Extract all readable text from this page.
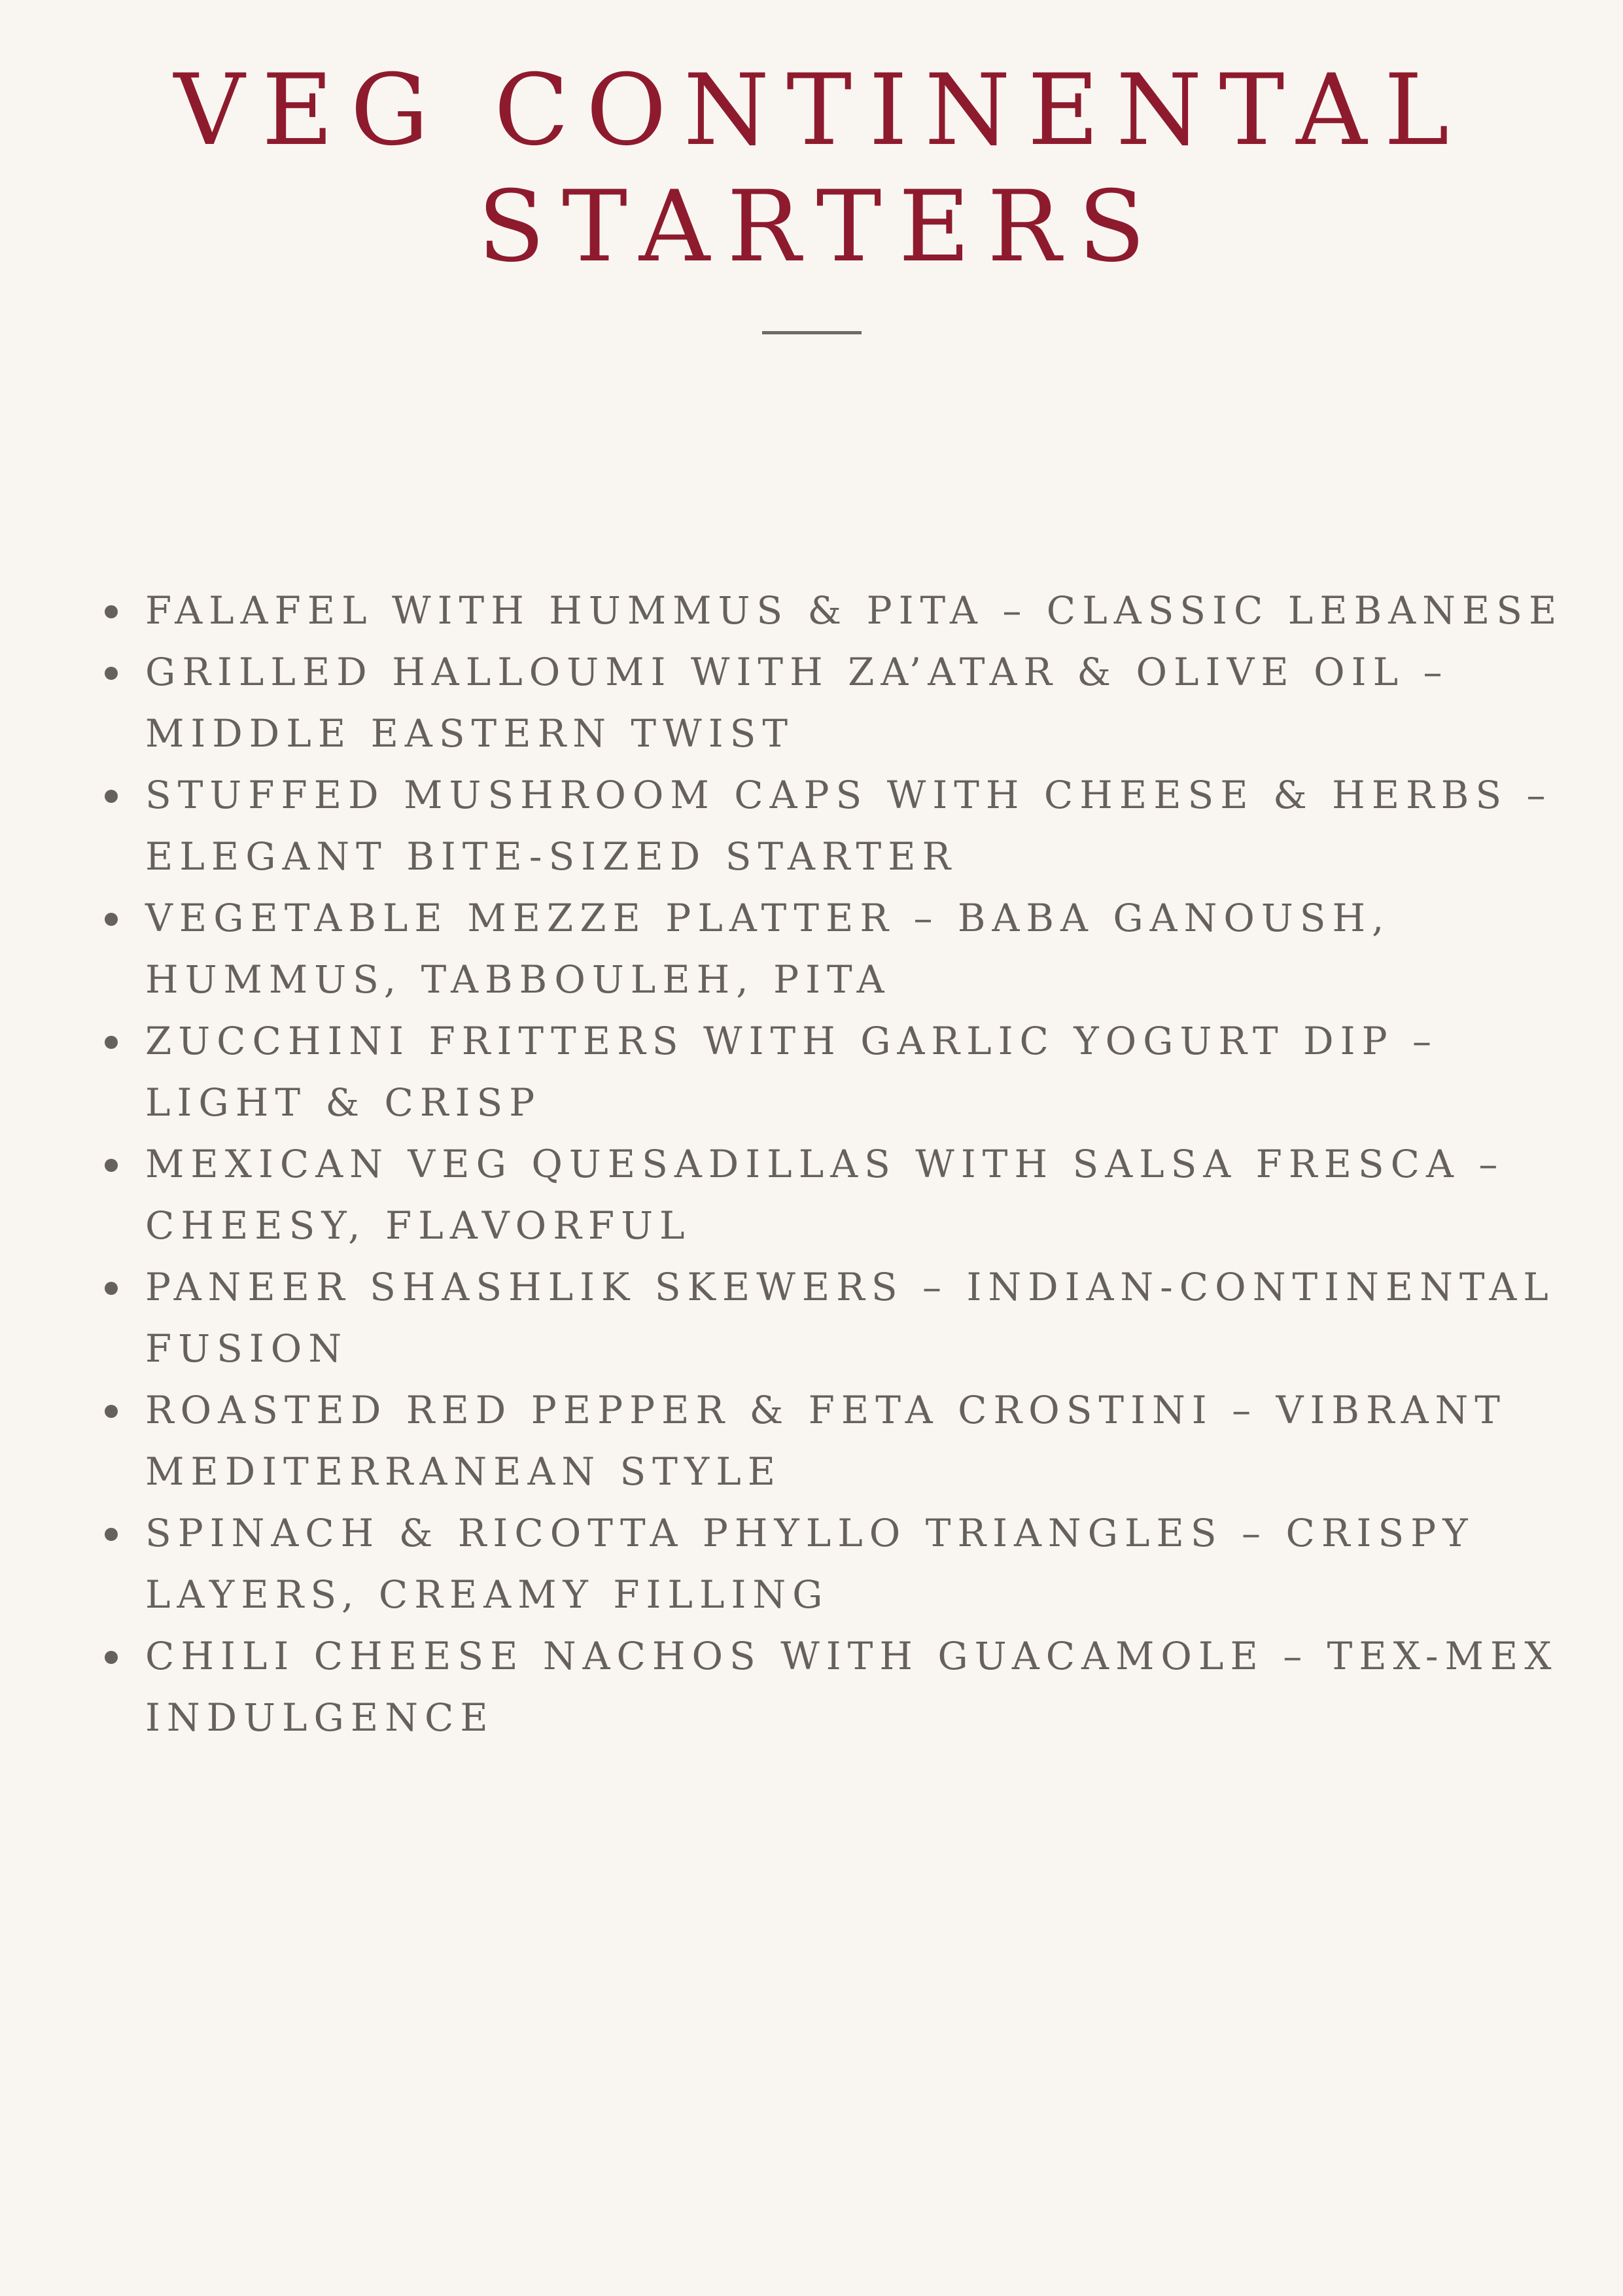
VEG CONTINENTAL
STARTERS
FALAFEL WITH HUMMUS & PITA – CLASSIC LEBANESE
GRILLED HALLOUMI WITH ZA’ATAR & OLIVE OIL –
MIDDLE EASTERN TWIST
STUFFED MUSHROOM CAPS WITH CHEESE & HERBS –
ELEGANT BITE-SIZED STARTER
VEGETABLE MEZZE PLATTER – BABA GANOUSH,
HUMMUS, TABBOULEH, PITA
ZUCCHINI FRITTERS WITH GARLIC YOGURT DIP –
LIGHT & CRISP
MEXICAN VEG QUESADILLAS WITH SALSA FRESCA –
CHEESY, FLAVORFUL
PANEER SHASHLIK SKEWERS – INDIAN-CONTINENTAL
FUSION
ROASTED RED PEPPER & FETA CROSTINI – VIBRANT
MEDITERRANEAN STYLE
SPINACH & RICOTTA PHYLLO TRIANGLES – CRISPY
LAYERS, CREAMY FILLING
CHILI CHEESE NACHOS WITH GUACAMOLE – TEX-MEX
INDULGENCE
